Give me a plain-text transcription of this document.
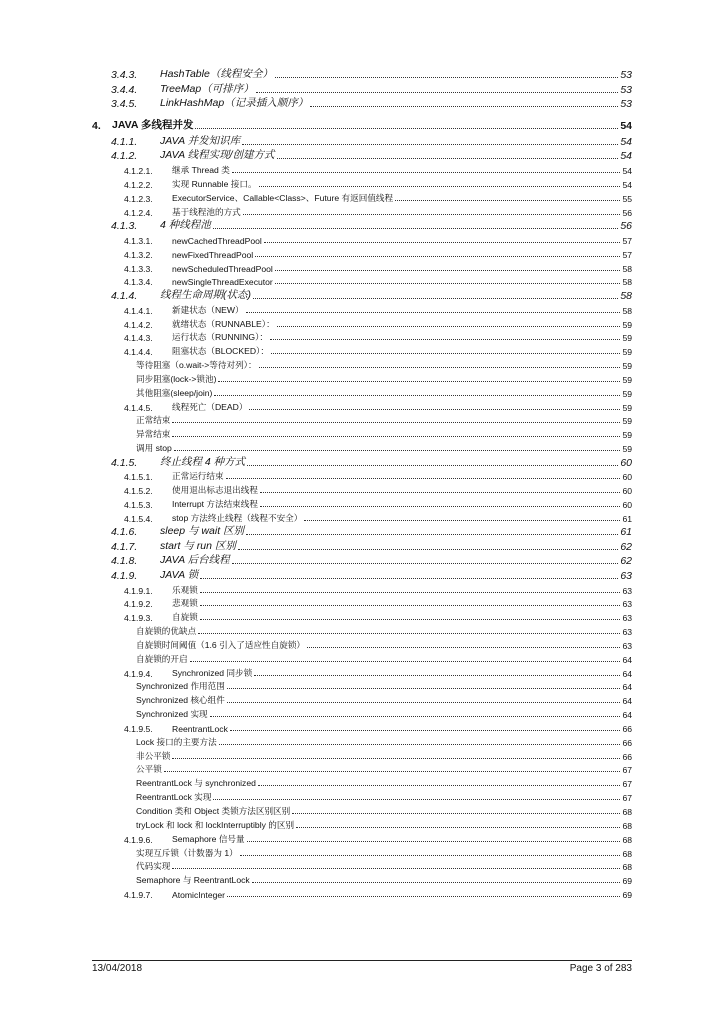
3.4.3. HashTable（线程安全）	53
3.4.4. TreeMap（可排序）	53
3.4.5. LinkHashMap（记录插入顺序）	53
4. JAVA 多线程并发	54
4.1.1. JAVA 并发知识库	54
4.1.2. JAVA 线程实现/创建方式	54
4.1.2.1. 继承 Thread 类	54
4.1.2.2. 实现 Runnable 接口。	54
4.1.2.3. ExecutorService、Callable<Class>、Future 有返回值线程	55
4.1.2.4. 基于线程池的方式	56
4.1.3. 4 种线程池	56
4.1.3.1. newCachedThreadPool	57
4.1.3.2. newFixedThreadPool	57
4.1.3.3. newScheduledThreadPool	58
4.1.3.4. newSingleThreadExecutor	58
4.1.4. 线程生命周期(状态)	58
4.1.4.1. 新建状态（NEW）	58
4.1.4.2. 就绪状态（RUNNABLE）：	59
4.1.4.3. 运行状态（RUNNING）：	59
4.1.4.4. 阻塞状态（BLOCKED）：	59
等待阻塞（o.wait->等待对列）：	59
同步阻塞(lock->锁池)	59
其他阻塞(sleep/join)	59
4.1.4.5. 线程死亡（DEAD）	59
正常结束	59
异常结束	59
调用 stop	59
4.1.5. 终止线程 4 种方式	60
4.1.5.1. 正常运行结束	60
4.1.5.2. 使用退出标志退出线程	60
4.1.5.3. Interrupt 方法结束线程	60
4.1.5.4. stop 方法终止线程（线程不安全）	61
4.1.6. sleep 与 wait 区别	61
4.1.7. start 与 run 区别	62
4.1.8. JAVA 后台线程	62
4.1.9. JAVA 锁	63
4.1.9.1. 乐观锁	63
4.1.9.2. 悲观锁	63
4.1.9.3. 自旋锁	63
自旋锁的优缺点	63
自旋锁时间阈值（1.6 引入了适应性自旋锁）	63
自旋锁的开启	64
4.1.9.4. Synchronized 同步锁	64
Synchronized 作用范围	64
Synchronized 核心组件	64
Synchronized 实现	64
4.1.9.5. ReentrantLock	66
Lock 接口的主要方法	66
非公平锁	66
公平锁	67
ReentrantLock 与 synchronized	67
ReentrantLock 实现	67
Condition 类和 Object 类锁方法区别区别	68
tryLock 和 lock 和 lockInterruptibly 的区别	68
4.1.9.6. Semaphore 信号量	68
实现互斥锁（计数器为 1）	68
代码实现	68
Semaphore 与 ReentrantLock	69
4.1.9.7. AtomicInteger	69
13/04/2018	Page 3 of 283
